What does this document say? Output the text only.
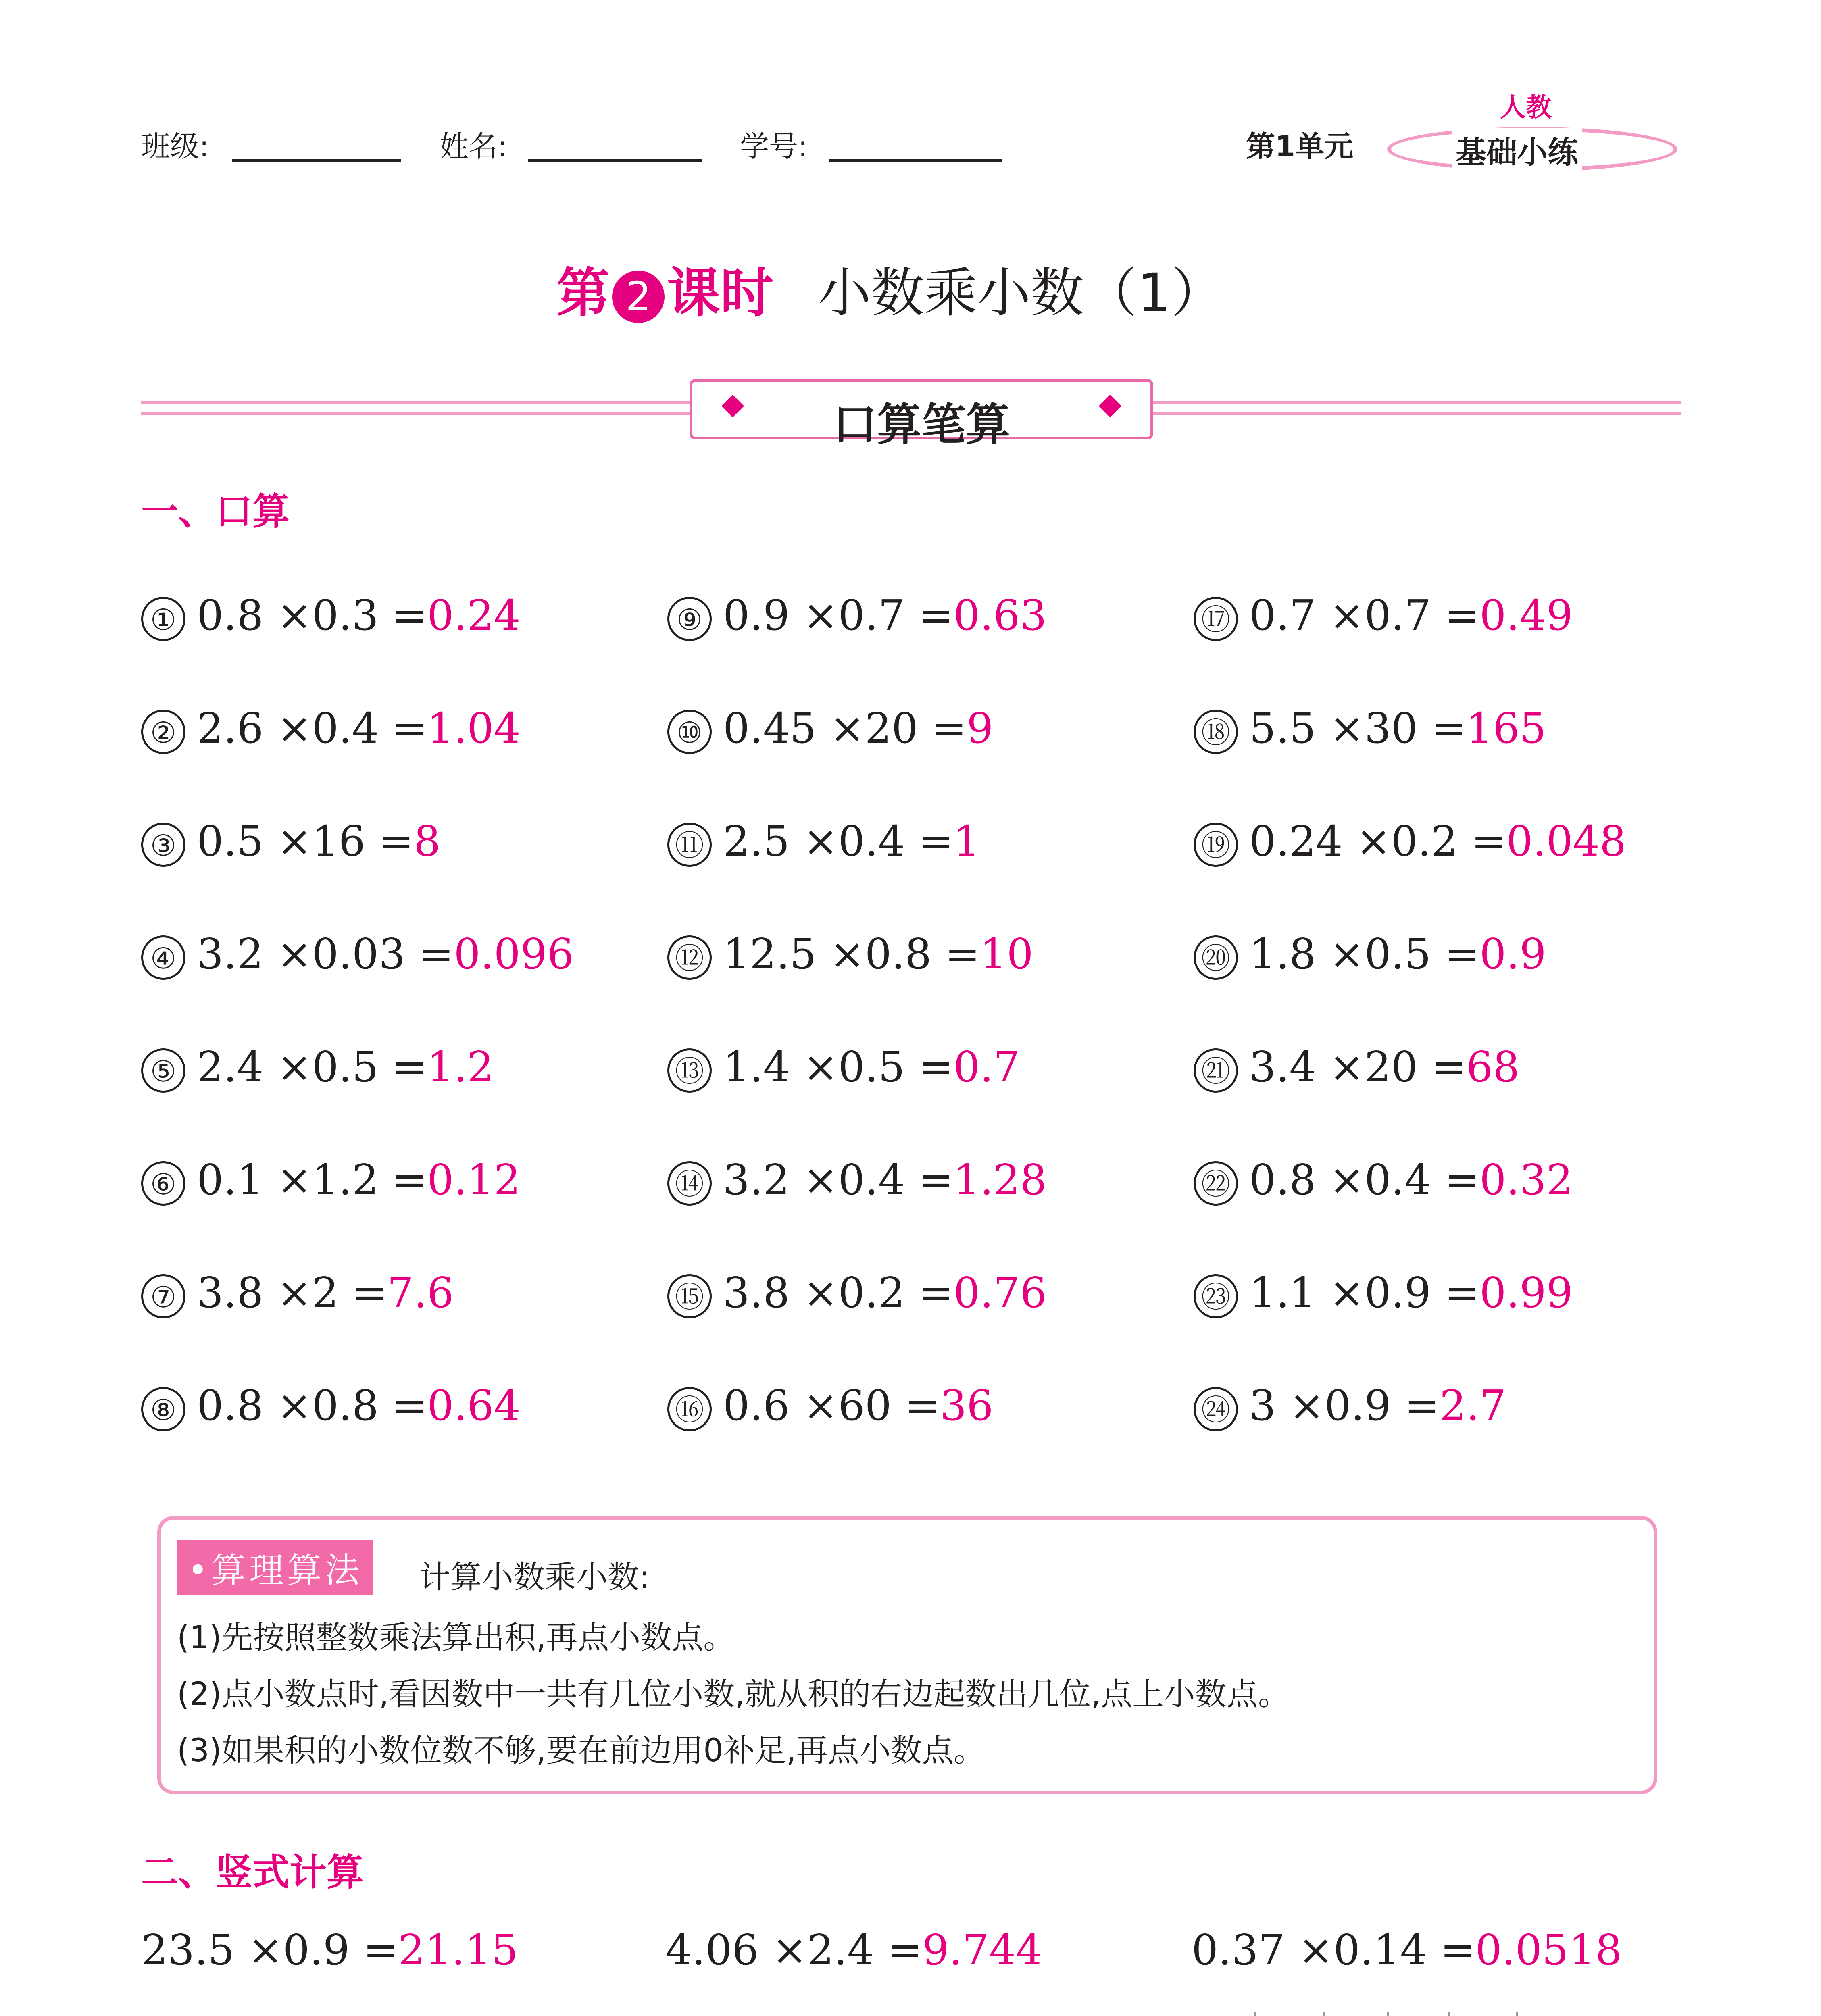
班级:	姓名:	学号:	第1单元
人教
基础小练
第 2 课时 小数乘小数（1）
口算笔算
一、口算
① 0.8 ×0.3 =0.24
② 2.6 ×0.4 =1.04
③ 0.5 ×16 =8
④ 3.2 ×0.03 =0.096
⑤ 2.4 ×0.5 =1.2
⑥ 0.1 ×1.2 =0.12
⑦ 3.8 ×2 =7.6
⑧ 0.8 ×0.8 =0.64
⑨ 0.9 ×0.7 =0.63
⑩ 0.45 ×20 =9
⑪ 2.5 ×0.4 =1
⑫ 12.5 ×0.8 =10
⑬ 1.4 ×0.5 =0.7
⑭ 3.2 ×0.4 =1.28
⑮ 3.8 ×0.2 =0.76
⑯ 0.6 ×60 =36
⑰ 0.7 ×0.7 =0.49
⑱ 5.5 ×30 =165
⑲ 0.24 ×0.2 =0.048
⑳ 1.8 ×0.5 =0.9
㉑ 3.4 ×20 =68
㉒ 0.8 ×0.4 =0.32
㉓ 1.1 ×0.9 =0.99
㉔ 3 ×0.9 =2.7
•算理算法	计算小数乘小数:
(1)先按照整数乘法算出积,再点小数点。
(2)点小数点时,看因数中一共有几位小数,就从积的右边起数出几位,点上小数点。
(3)如果积的小数位数不够,要在前边用0补足,再点小数点。
二、竖式计算
23.5 ×0.9 =21.15	4.06 ×2.4 =9.744	0.37 ×0.14 =0.0518
